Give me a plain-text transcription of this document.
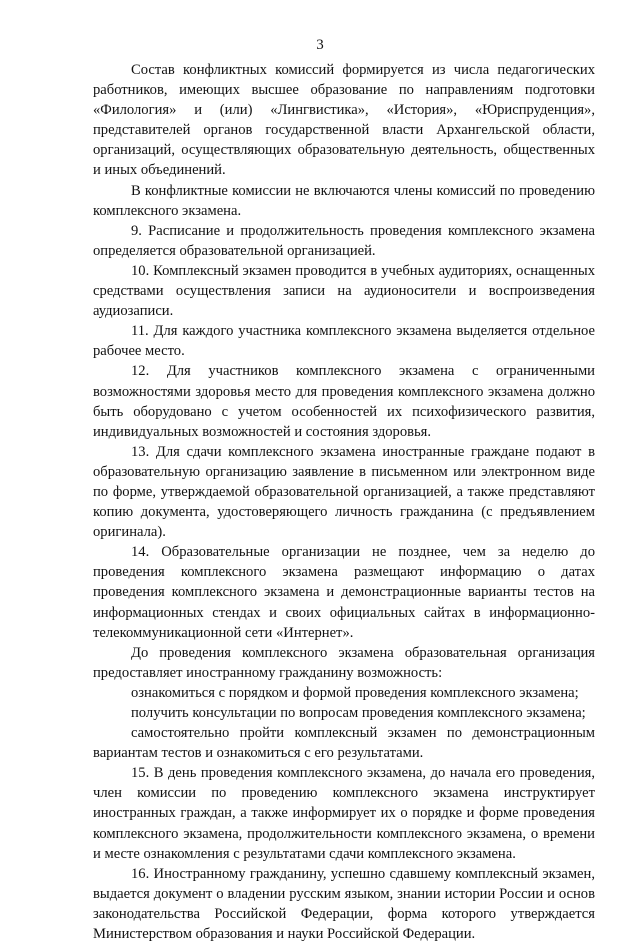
3

Состав конфликтных комиссий формируется из числа педагогических работников, имеющих высшее образование по направлениям подготовки «Филология» и (или) «Лингвистика», «История», «Юриспруденция», представителей органов государственной власти Архангельской области, организаций, осуществляющих образовательную деятельность, общественных и иных объединений.

В конфликтные комиссии не включаются члены комиссий по проведению комплексного экзамена.

9. Расписание и продолжительность проведения комплексного экзамена определяется образовательной организацией.

10. Комплексный экзамен проводится в учебных аудиториях, оснащенных средствами осуществления записи на аудионосители и воспроизведения аудиозаписи.

11. Для каждого участника комплексного экзамена выделяется отдельное рабочее место.

12. Для участников комплексного экзамена с ограниченными возможностями здоровья место для проведения комплексного экзамена должно быть оборудовано с учетом особенностей их психофизического развития, индивидуальных возможностей и состояния здоровья.

13. Для сдачи комплексного экзамена иностранные граждане подают в образовательную организацию заявление в письменном или электронном виде по форме, утверждаемой образовательной организацией, а также представляют копию документа, удостоверяющего личность гражданина (с предъявлением оригинала).

14. Образовательные организации не позднее, чем за неделю до проведения комплексного экзамена размещают информацию о датах проведения комплексного экзамена и демонстрационные варианты тестов на информационных стендах и своих официальных сайтах в информационно-телекоммуникационной сети «Интернет».

До проведения комплексного экзамена образовательная организация предоставляет иностранному гражданину возможность:

ознакомиться с порядком и формой проведения комплексного экзамена;

получить консультации по вопросам проведения комплексного экзамена;

самостоятельно пройти комплексный экзамен по демонстрационным вариантам тестов и ознакомиться с его результатами.

15. В день проведения комплексного экзамена, до начала его проведения, член комиссии по проведению комплексного экзамена инструктирует иностранных граждан, а также информирует их о порядке и форме проведения комплексного экзамена, продолжительности комплексного экзамена, о времени и месте ознакомления с результатами сдачи комплексного экзамена.

16. Иностранному гражданину, успешно сдавшему комплексный экзамен, выдается документ о владении русским языком, знании истории России и основ законодательства Российской Федерации, форма которого утверждается Министерством образования и науки Российской Федерации.
